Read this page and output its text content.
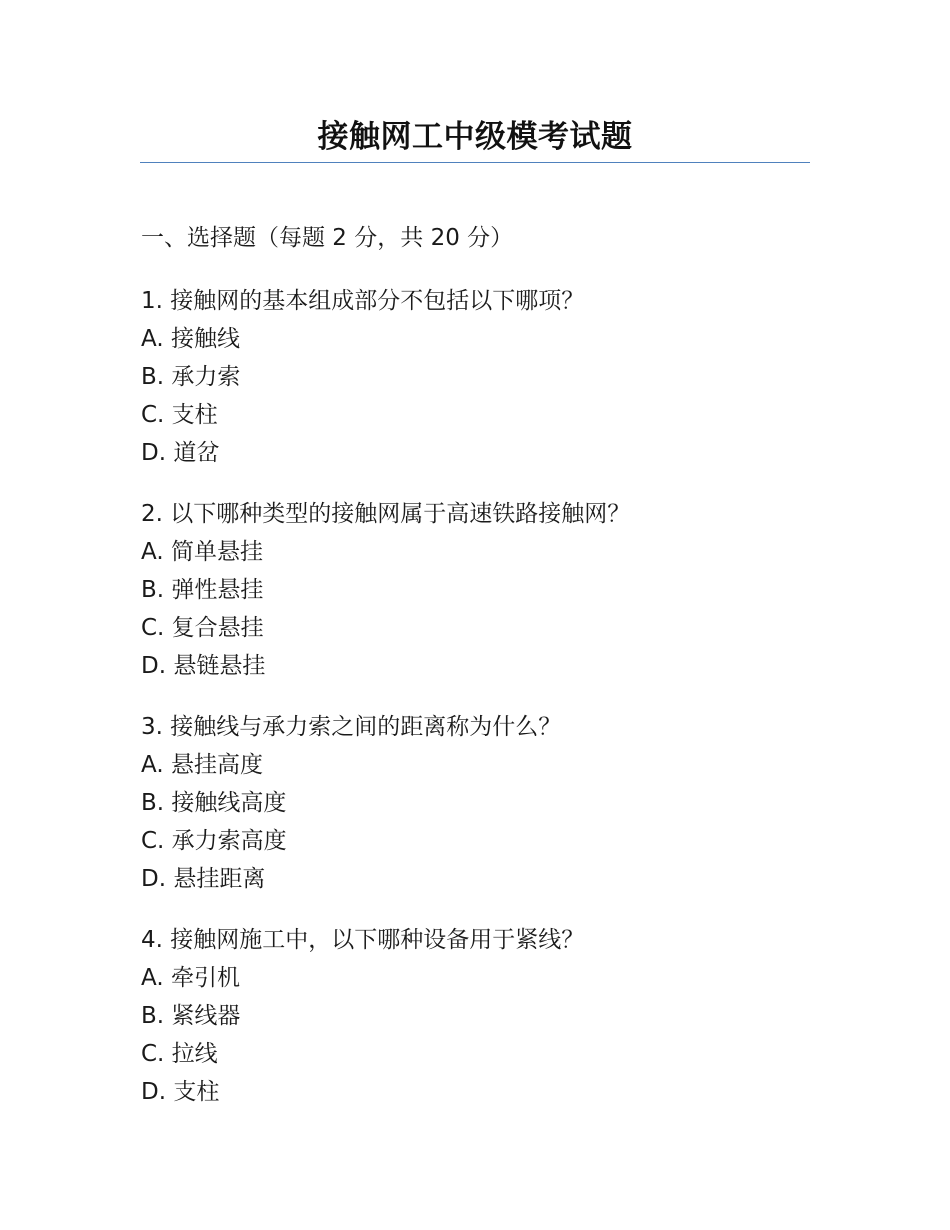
接触网工中级模考试题
一、选择题（每题 2 分，共 20 分）
1. 接触网的基本组成部分不包括以下哪项？
A. 接触线
B. 承力索
C. 支柱
D. 道岔
2. 以下哪种类型的接触网属于高速铁路接触网？
A. 简单悬挂
B. 弹性悬挂
C. 复合悬挂
D. 悬链悬挂
3. 接触线与承力索之间的距离称为什么？
A. 悬挂高度
B. 接触线高度
C. 承力索高度
D. 悬挂距离
4. 接触网施工中，以下哪种设备用于紧线？
A. 牵引机
B. 紧线器
C. 拉线
D. 支柱
